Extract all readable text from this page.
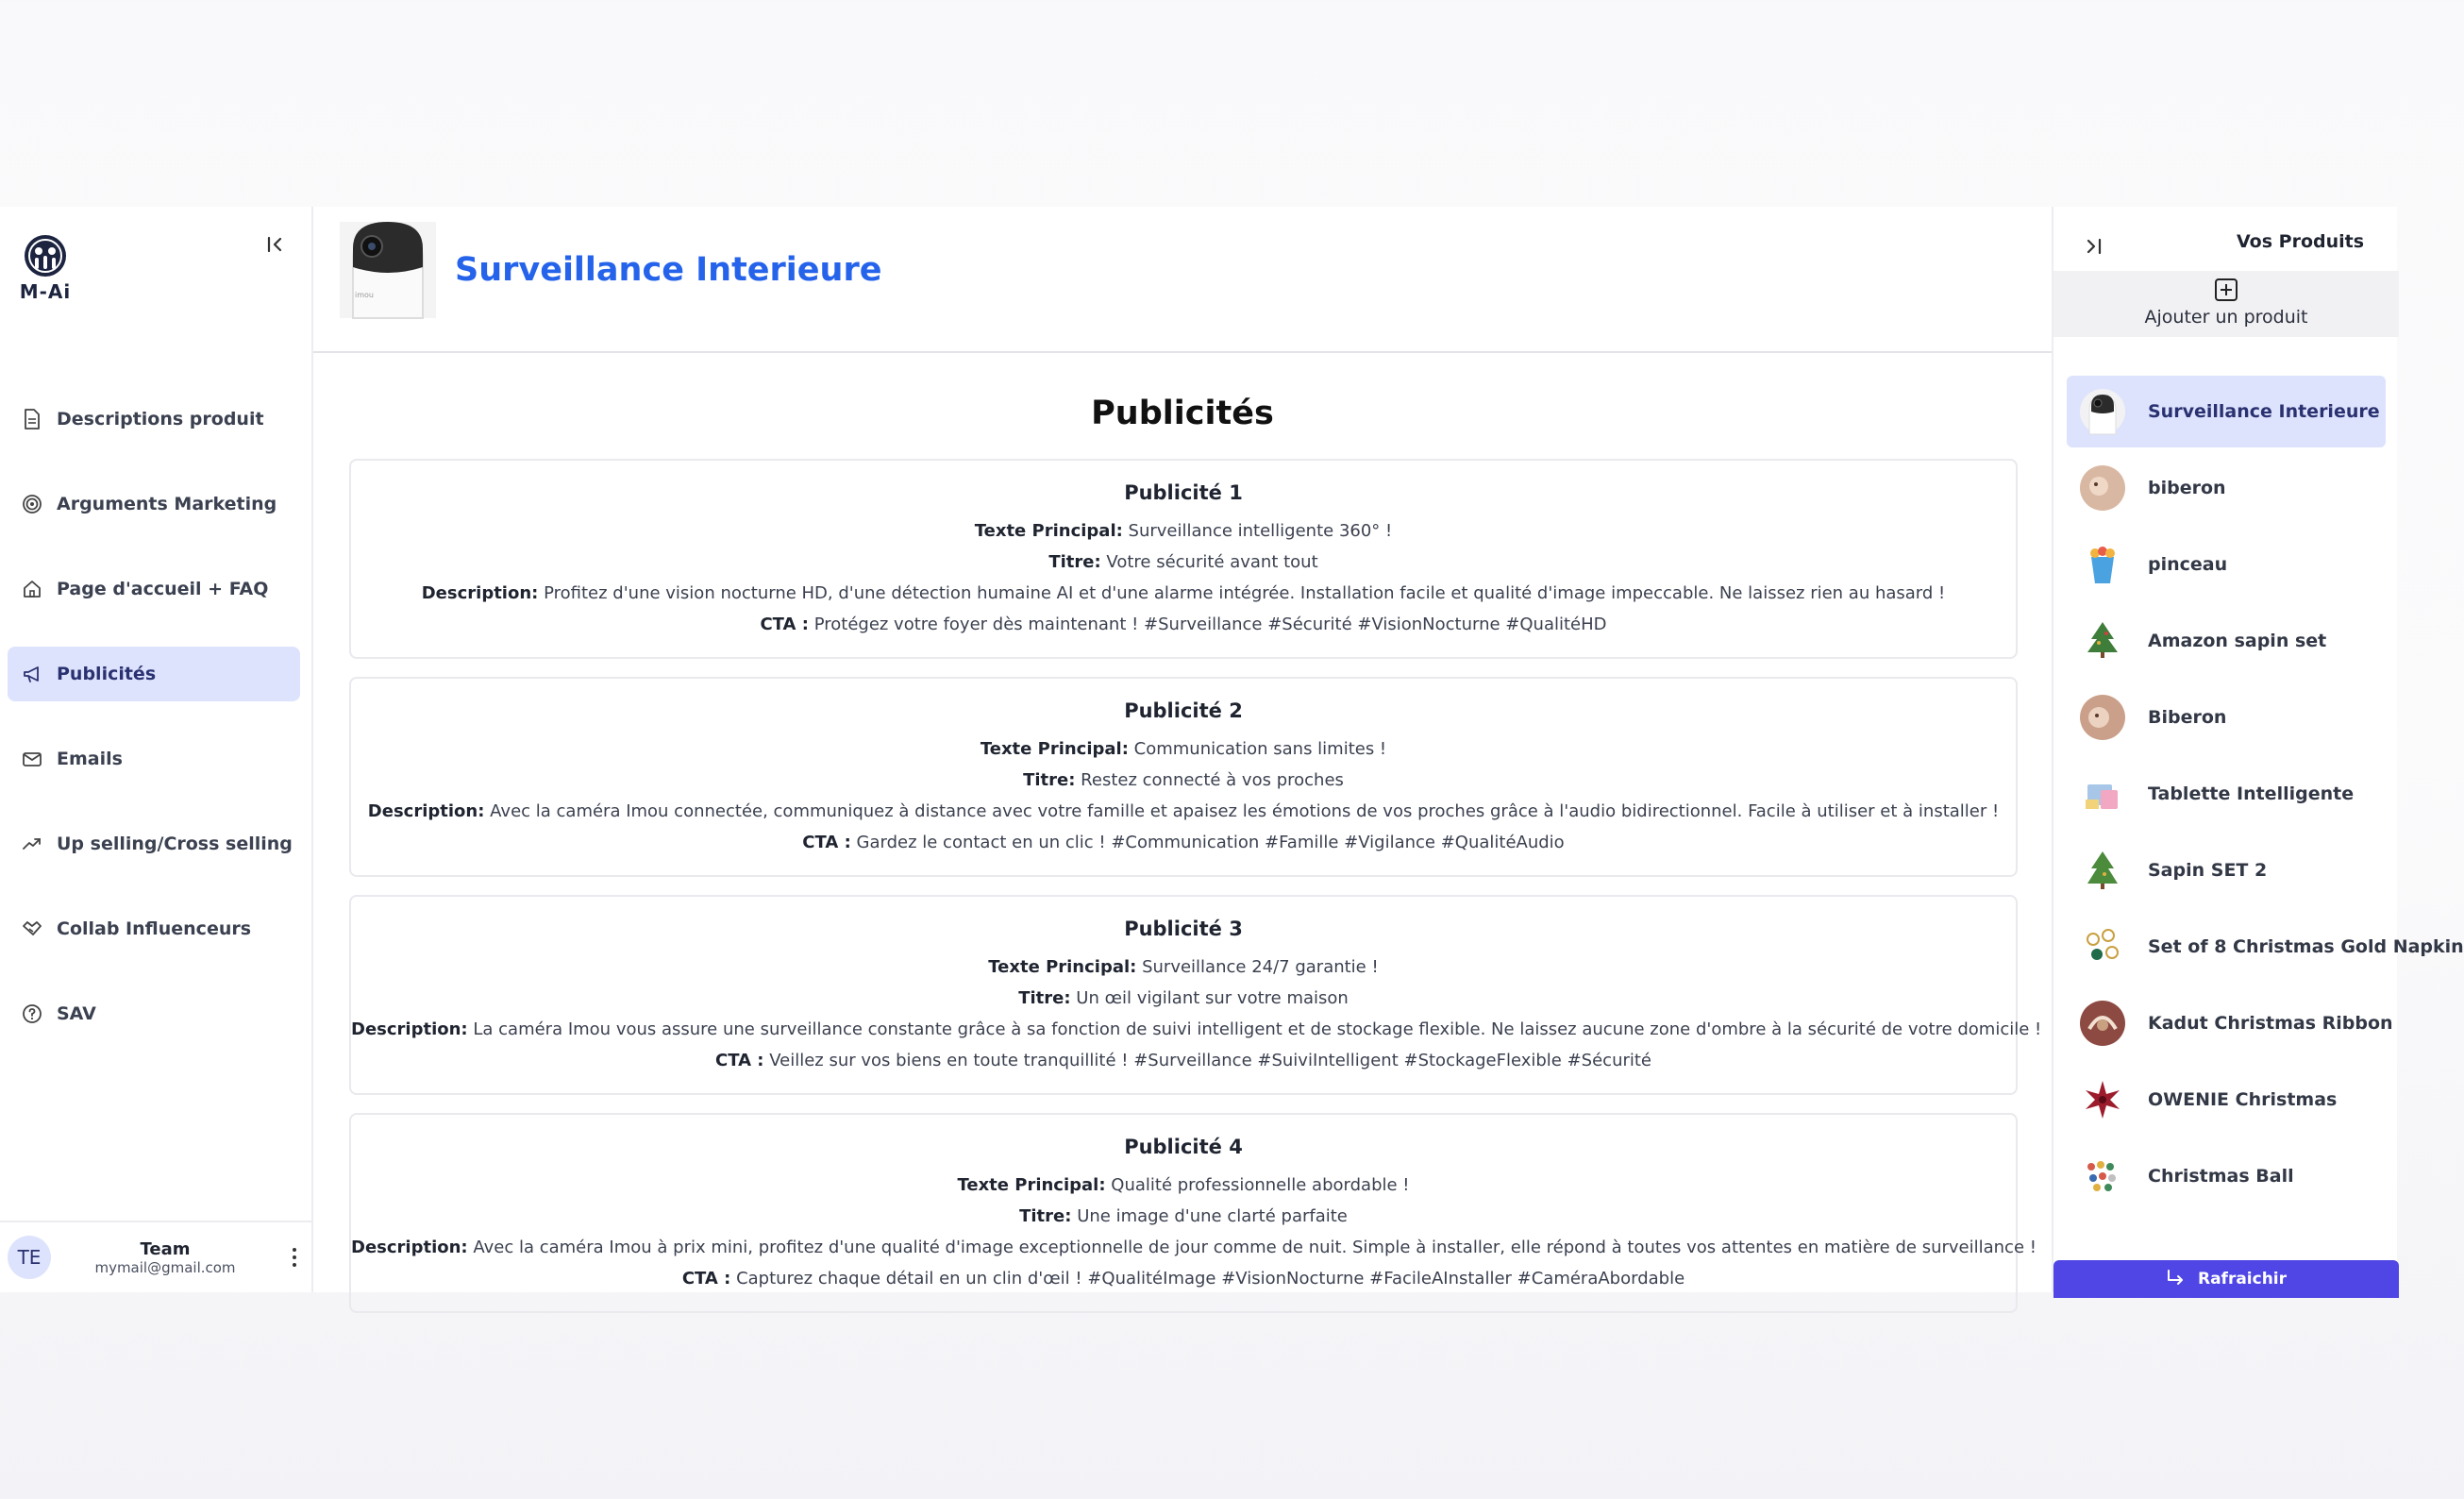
M-Ai
Descriptions produit
Arguments Marketing
Page d'accueil + FAQ
Publicités
Emails
Up selling/Cross selling
Collab Influenceurs
SAV
TE	Team
mymail@gmail.com
imou
Surveillance Interieure
Publicités
Publicité 1
Texte Principal: Surveillance intelligente 360° !
Titre: Votre sécurité avant tout
Description: Profitez d'une vision nocturne HD, d'une détection humaine AI et d'une alarme intégrée. Installation facile et qualité d'image impeccable. Ne laissez rien au hasard !
CTA : Protégez votre foyer dès maintenant ! #Surveillance #Sécurité #VisionNocturne #QualitéHD
Publicité 2
Texte Principal: Communication sans limites !
Titre: Restez connecté à vos proches
Description: Avec la caméra Imou connectée, communiquez à distance avec votre famille et apaisez les émotions de vos proches grâce à l'audio bidirectionnel. Facile à utiliser et à installer !
CTA : Gardez le contact en un clic ! #Communication #Famille #Vigilance #QualitéAudio
Publicité 3
Texte Principal: Surveillance 24/7 garantie !
Titre: Un œil vigilant sur votre maison
Description: La caméra Imou vous assure une surveillance constante grâce à sa fonction de suivi intelligent et de stockage flexible. Ne laissez aucune zone d'ombre à la sécurité de votre domicile !
CTA : Veillez sur vos biens en toute tranquillité ! #Surveillance #SuiviIntelligent #StockageFlexible #Sécurité
Publicité 4
Texte Principal: Qualité professionnelle abordable !
Titre: Une image d'une clarté parfaite
Description: Avec la caméra Imou à prix mini, profitez d'une qualité d'image exceptionnelle de jour comme de nuit. Simple à installer, elle répond à toutes vos attentes en matière de surveillance !
CTA : Capturez chaque détail en un clin d'œil ! #QualitéImage #VisionNocturne #FacileAInstaller #CaméraAbordable
Vos Produits
Ajouter un produit
Surveillance Interieure
biberon
pinceau
Amazon sapin set
Biberon
Tablette Intelligente
Sapin SET 2
Set of 8 Christmas Gold Napkin
Kadut Christmas Ribbon
OWENIE Christmas
Christmas Ball
Rafraichir
